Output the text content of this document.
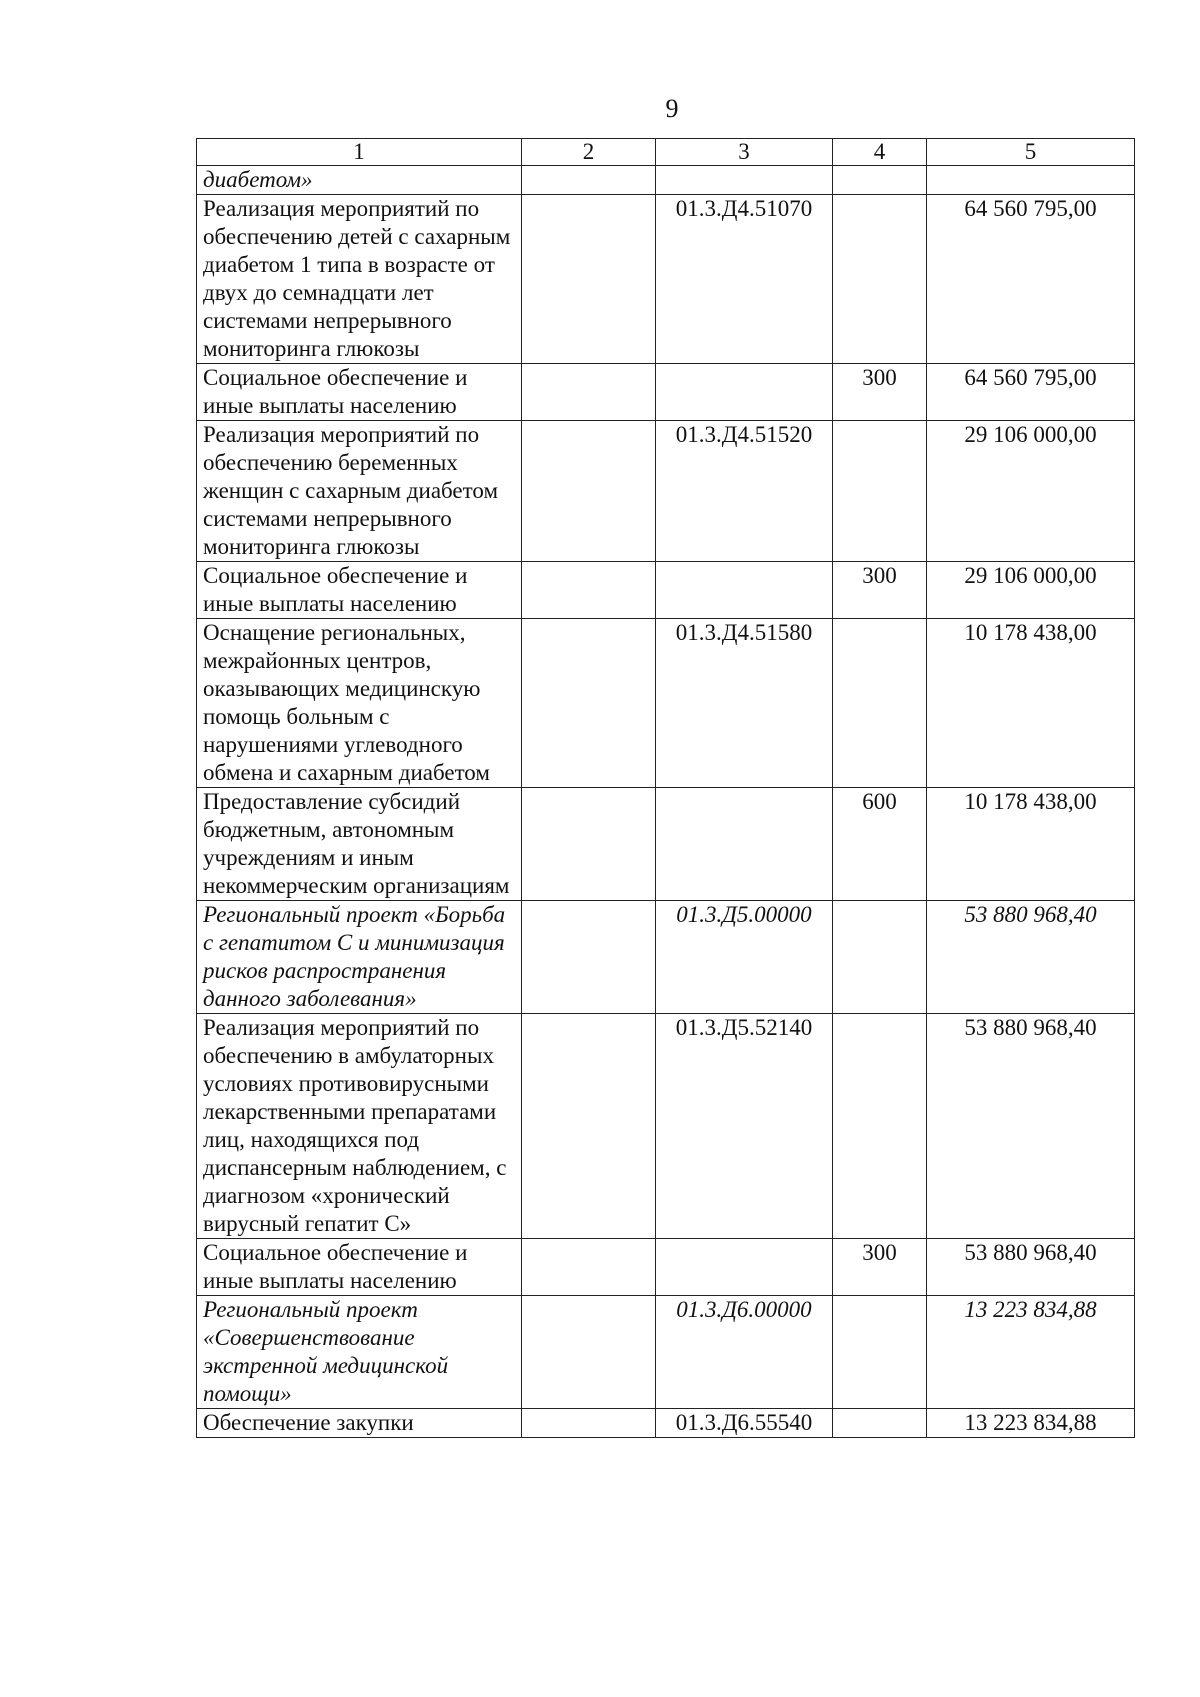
9
1	2	3	4	5
диабетом»				
Реализация мероприятий по обеспечению детей с сахарным диабетом 1 типа в возрасте от двух до семнадцати лет системами непрерывного мониторинга глюкозы		01.3.Д4.51070		64 560 795,00
Социальное обеспечение и иные выплаты населению			300	64 560 795,00
Реализация мероприятий по обеспечению беременных женщин с сахарным диабетом системами непрерывного мониторинга глюкозы		01.3.Д4.51520		29 106 000,00
Социальное обеспечение и иные выплаты населению			300	29 106 000,00
Оснащение региональных, межрайонных центров, оказывающих медицинскую помощь больным с нарушениями углеводного обмена и сахарным диабетом		01.3.Д4.51580		10 178 438,00
Предоставление субсидий бюджетным, автономным учреждениям и иным некоммерческим организациям			600	10 178 438,00
Региональный проект «Борьба с гепатитом С и минимизация рисков распространения данного заболевания»		01.3.Д5.00000		53 880 968,40
Реализация мероприятий по обеспечению в амбулаторных условиях противовирусными лекарственными препаратами лиц, находящихся под диспансерным наблюдением, с диагнозом «хронический вирусный гепатит С»		01.3.Д5.52140		53 880 968,40
Социальное обеспечение и иные выплаты населению			300	53 880 968,40
Региональный проект «Совершенствование экстренной медицинской помощи»		01.3.Д6.00000		13 223 834,88
Обеспечение закупки		01.3.Д6.55540		13 223 834,88
